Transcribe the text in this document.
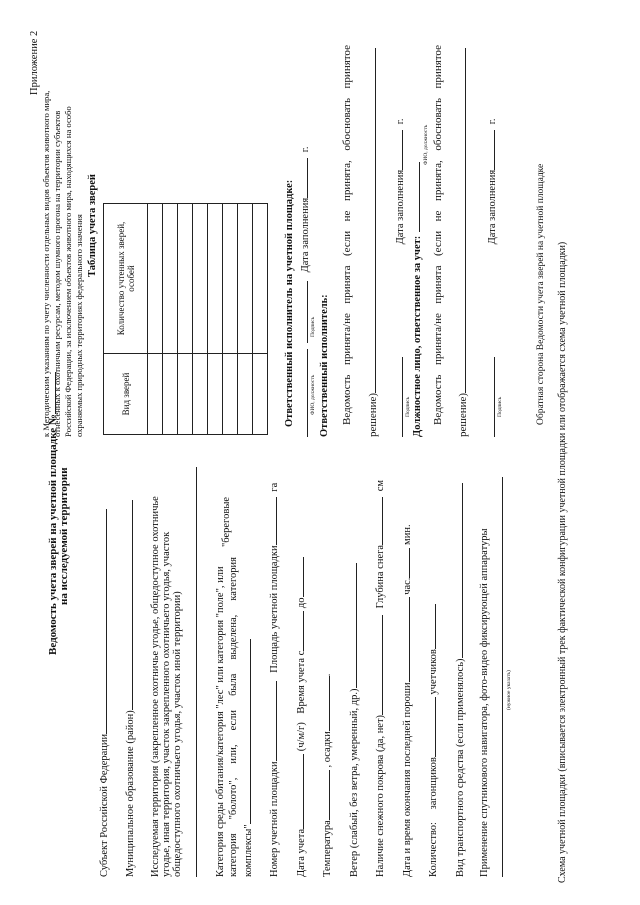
Ведомость учета зверей на учетной площадке № на исследуемой территории
Субъект Российской Федерации Муниципальное образование (район) Исследуемая территория (закрепленное охотничье угодье, общедоступное охотничье угодье, иная территория, участок закрепленного охотничьего угодья, участок общедоступного охотничьего угодья, участок иной территории)	Категория среды обитания/категория "лес" или категория "поле", или категория
"болото",
или,
если
была
выделена,
категория
"береговые
комплексы" Номер учетной площадки Площадь учетной площадки га
Дата учета (ч/м/г) Время учета с до
Температура , осадки.
Ветер (слабый, без ветра, умеренный, др.) Наличие снежного покрова (да, нет) Глубина снега см
Дата и время окончания последней пороши час. мин.
Количество: загонщиков учетчиков Вид транспортного средства (если применялось) Применение спутникового навигатора, фото-видео фиксирующей аппаратуры	(нужное указать)	Схема учетной площадки (вписывается электронный трек фактической конфигурации учетной площадки или отображается схема учетной площадки)
Приложение 2
к Методическим указаниям по учету численности отдельных видов объектов животного мира, отнесенных к охотничьим ресурсам, методом шумного прогона на территории субъектов Российской Федерации, за исключением объектов животного мира, находящихся на особо охраняемых природных территориях федерального значения Таблица учета зверей
Вид зверей	Количество учтенных зверей, особей

		Ответственный исполнитель на учетной площадке: Дата заполнения г.
ФИО, должность
Подпись Ответственный исполнитель: Ведомость
принята/не
принята
(если
не
принята,
обосновать
принятое
решение)
Дата заполнения г.
Подпись Должностное лицо, ответственное за учет:
ФИО, должность
Ведомость
принята/не
принята
(если
не
принята,
обосновать
принятое
решение)
Дата заполнения г.
Подпись	Обратная сторона Ведомости учета зверей на учетной площадке
